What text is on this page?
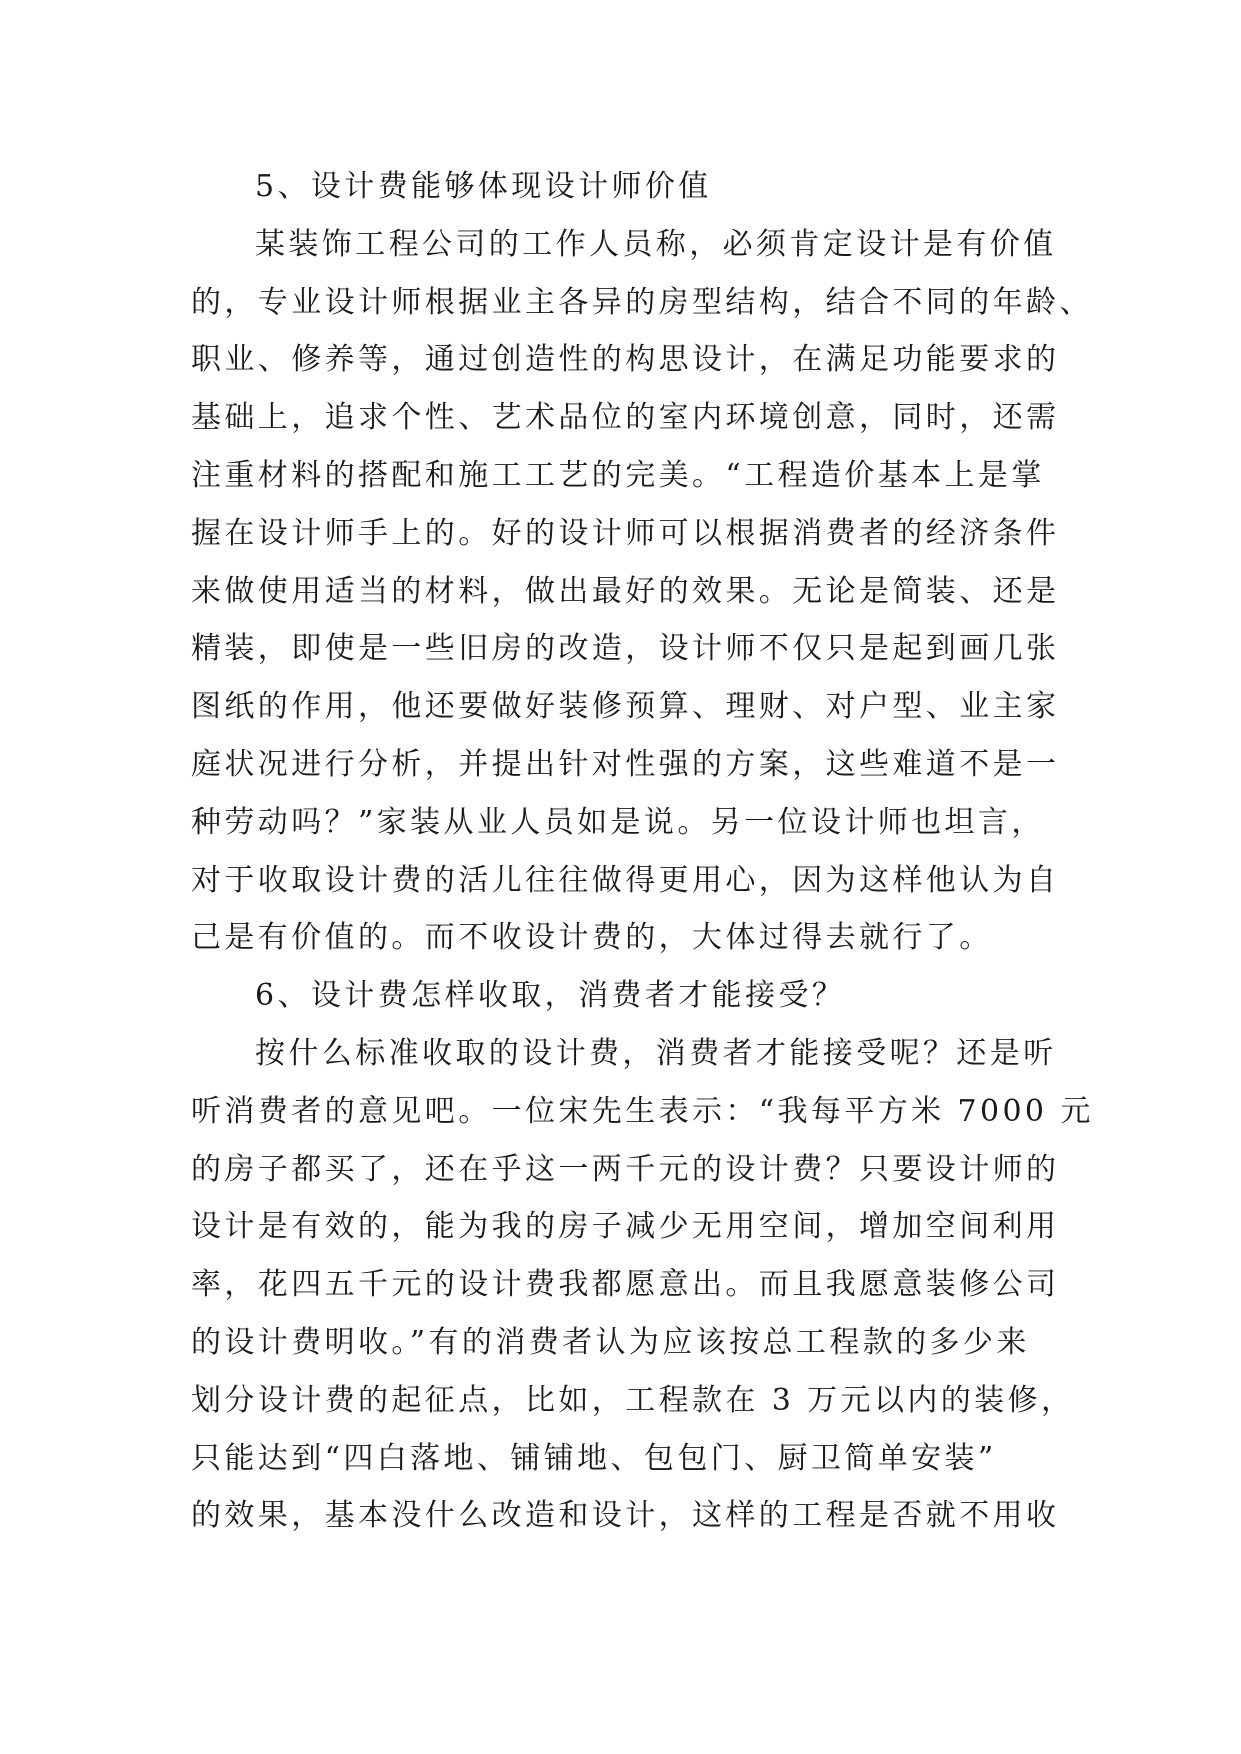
5、设计费能够体现设计师价值
某装饰工程公司的工作人员称，必须肯定设计是有价值
的，专业设计师根据业主各异的房型结构，结合不同的年龄、
职业、修养等，通过创造性的构思设计，在满足功能要求的
基础上，追求个性、艺术品位的室内环境创意，同时，还需
注重材料的搭配和施工工艺的完美。“工程造价基本上是掌
握在设计师手上的。好的设计师可以根据消费者的经济条件
来做使用适当的材料，做出最好的效果。无论是简装、还是
精装，即使是一些旧房的改造，设计师不仅只是起到画几张
图纸的作用，他还要做好装修预算、理财、对户型、业主家
庭状况进行分析，并提出针对性强的方案，这些难道不是一
种劳动吗？”家装从业人员如是说。另一位设计师也坦言，
对于收取设计费的活儿往往做得更用心，因为这样他认为自
己是有价值的。而不收设计费的，大体过得去就行了。
6、设计费怎样收取，消费者才能接受？
按什么标准收取的设计费，消费者才能接受呢？还是听
听消费者的意见吧。一位宋先生表示：“我每平方米 7000 元
的房子都买了，还在乎这一两千元的设计费？只要设计师的
设计是有效的，能为我的房子减少无用空间，增加空间利用
率，花四五千元的设计费我都愿意出。而且我愿意装修公司
的设计费明收。”有的消费者认为应该按总工程款的多少来
划分设计费的起征点，比如，工程款在 3 万元以内的装修，
只能达到“四白落地、铺铺地、包包门、厨卫简单安装”
的效果，基本没什么改造和设计，这样的工程是否就不用收
